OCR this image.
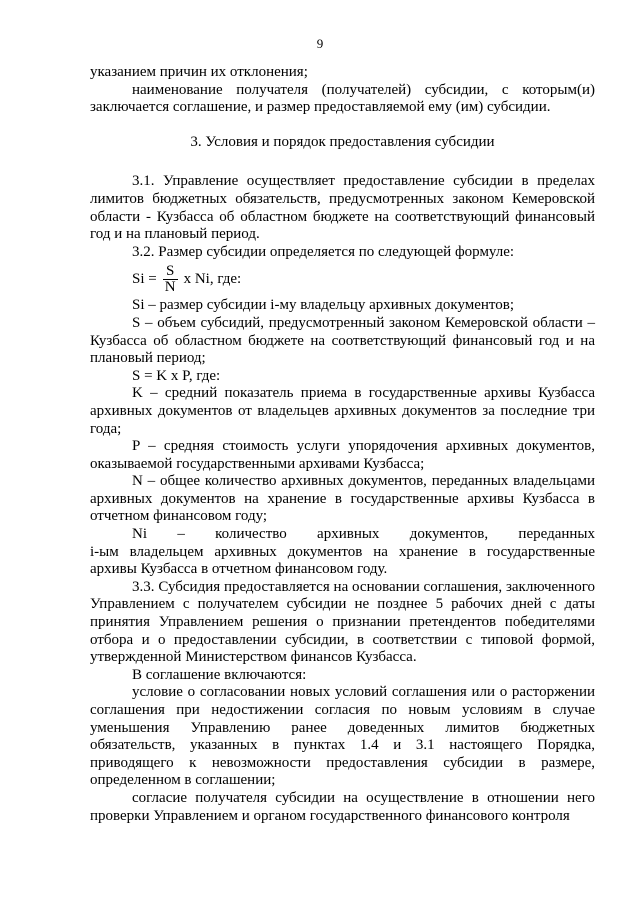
9

указанием причин их отклонения;

наименование получателя (получателей) субсидии, с которым(и) заключается соглашение, и размер предоставляемой ему (им) субсидии.

3. Условия и порядок предоставления субсидии

3.1. Управление осуществляет предоставление субсидии в пределах лимитов бюджетных обязательств, предусмотренных законом Кемеровской области - Кузбасса об областном бюджете на соответствующий финансовый год и на плановый период.

3.2. Размер субсидии определяется по следующей формуле:

$Si = \frac{S}{N}$ x Ni, где:

Si – размер субсидии i-му владельцу архивных документов;

S – объем субсидий, предусмотренный законом Кемеровской области – Кузбасса об областном бюджете на соответствующий финансовый год и на плановый период;

S = K x P, где:

K – средний показатель приема в государственные архивы Кузбасса архивных документов от владельцев архивных документов за последние три года;

P – средняя стоимость услуги упорядочения архивных документов, оказываемой государственными архивами Кузбасса;

N – общее количество архивных документов, переданных владельцами архивных документов на хранение в государственные архивы Кузбасса в отчетном финансовом году;

Ni – количество архивных документов, переданных

i-ым владельцем архивных документов на хранение в государственные архивы Кузбасса в отчетном финансовом году.

3.3. Субсидия предоставляется на основании соглашения, заключенного Управлением с получателем субсидии не позднее 5 рабочих дней с даты принятия Управлением решения о признании претендентов победителями отбора и о предоставлении субсидии, в соответствии с типовой формой, утвержденной Министерством финансов Кузбасса.

В соглашение включаются:

условие о согласовании новых условий соглашения или о расторжении соглашения при недостижении согласия по новым условиям в случае уменьшения Управлению ранее доведенных лимитов бюджетных обязательств, указанных в пунктах 1.4 и 3.1 настоящего Порядка, приводящего к невозможности предоставления субсидии в размере, определенном в соглашении;

согласие получателя субсидии на осуществление в отношении него проверки Управлением и органом государственного финансового контроля
